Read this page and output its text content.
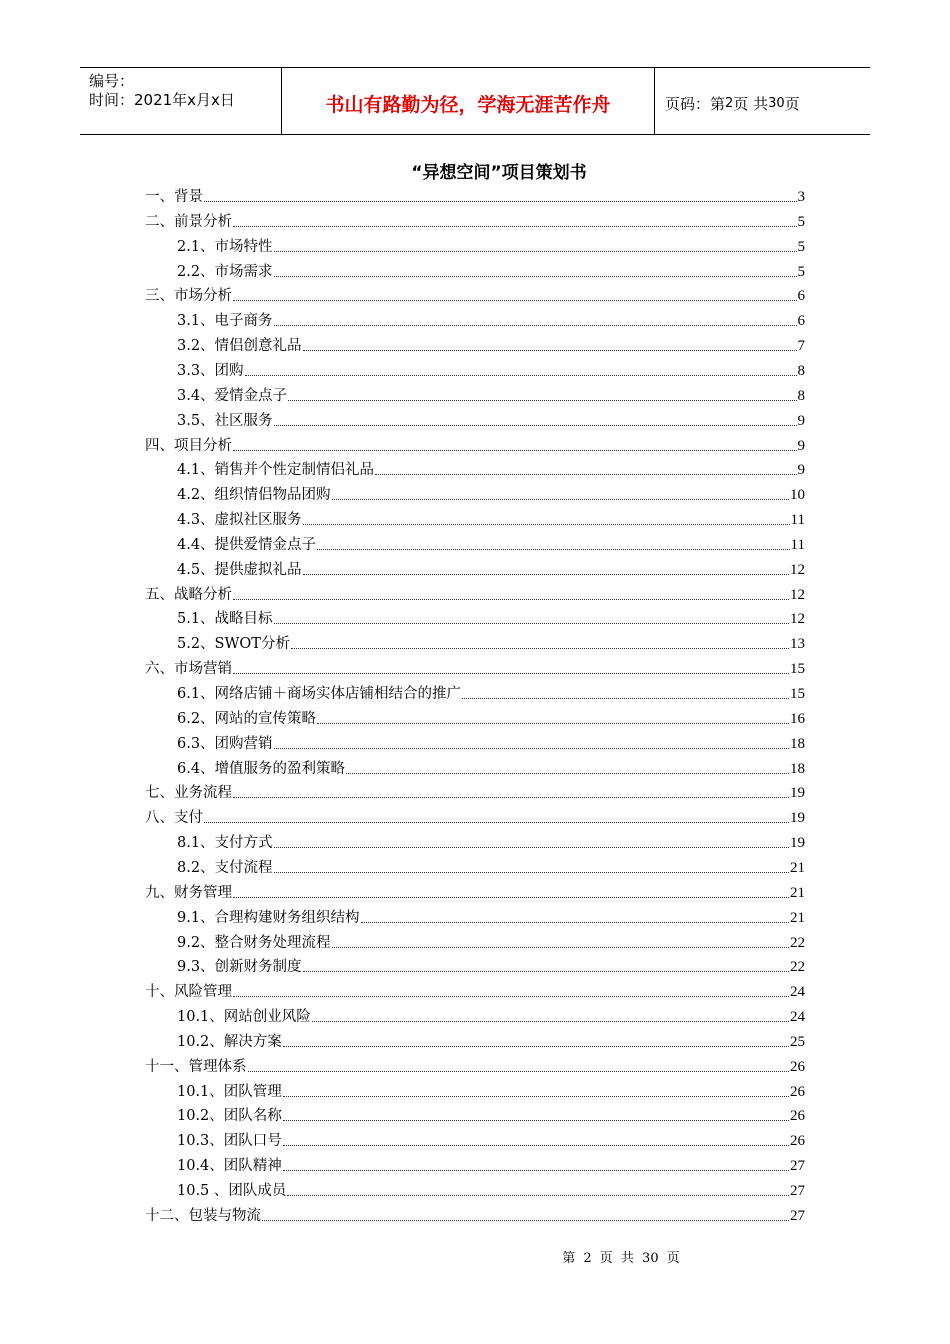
编号：
时间：2021年x月x日	书山有路勤为径，学海无涯苦作舟	页码：第 2 页 共 30 页
“异想空间”项目策划书
一、背景	3
二、前景分析	5
2.1、市场特性	5
2.2、市场需求	5
三、市场分析	6
3.1、电子商务	6
3.2、情侣创意礼品	7
3.3、团购	8
3.4、爱情金点子	8
3.5、社区服务	9
四、项目分析	9
4.1、销售并个性定制情侣礼品	9
4.2、组织情侣物品团购	10
4.3、虚拟社区服务	11
4.4、提供爱情金点子	11
4.5、提供虚拟礼品	12
五、战略分析	12
5.1、战略目标	12
5.2、SWOT分析	13
六、市场营销	15
6.1、网络店铺＋商场实体店铺相结合的推广	15
6.2、网站的宣传策略	16
6.3、团购营销	18
6.4、增值服务的盈利策略	18
七、业务流程	19
八、支付	19
8.1、支付方式	19
8.2、支付流程	21
九、财务管理	21
9.1、合理构建财务组织结构	21
9.2、整合财务处理流程	22
9.3、创新财务制度	22
十、风险管理	24
10.1、网站创业风险	24
10.2、解决方案	25
十一、管理体系	26
10.1、团队管理	26
10.2、团队名称	26
10.3、团队口号	26
10.4、团队精神	27
10.5 、团队成员	27
十二、包装与物流	27
第 2 页 共 30 页
